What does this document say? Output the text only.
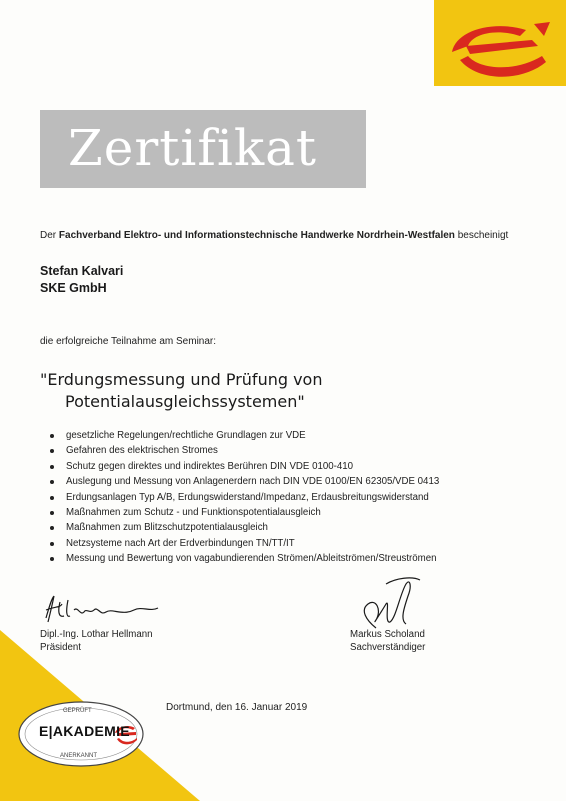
Zertifikat
Der Fachverband Elektro- und Informationstechnische Handwerke Nordrhein-Westfalen bescheinigt
Stefan Kalvari
SKE GmbH
die erfolgreiche Teilnahme am Seminar:
"Erdungsmessung und Prüfung von
Potentialausgleichssystemen"
gesetzliche Regelungen/rechtliche Grundlagen zur VDE
Gefahren des elektrischen Stromes
Schutz gegen direktes und indirektes Berühren DIN VDE 0100-410
Auslegung und Messung von Anlagenerdern nach DIN VDE 0100/EN 62305/VDE 0413
Erdungsanlagen Typ A/B, Erdungswiderstand/Impedanz, Erdausbreitungswiderstand
Maßnahmen zum Schutz - und Funktionspotentialausgleich
Maßnahmen zum Blitzschutzpotentialausgleich
Netzsysteme nach Art der Erdverbindungen TN/TT/IT
Messung und Bewertung von vagabundierenden Strömen/Ableitströmen/Streuströmen
Dipl.-Ing. Lothar Hellmann
Präsident
Markus Scholand
Sachverständiger
Dortmund, den 16. Januar 2019
GEPRÜFT
E|AKADEMIE
ANERKANNT
